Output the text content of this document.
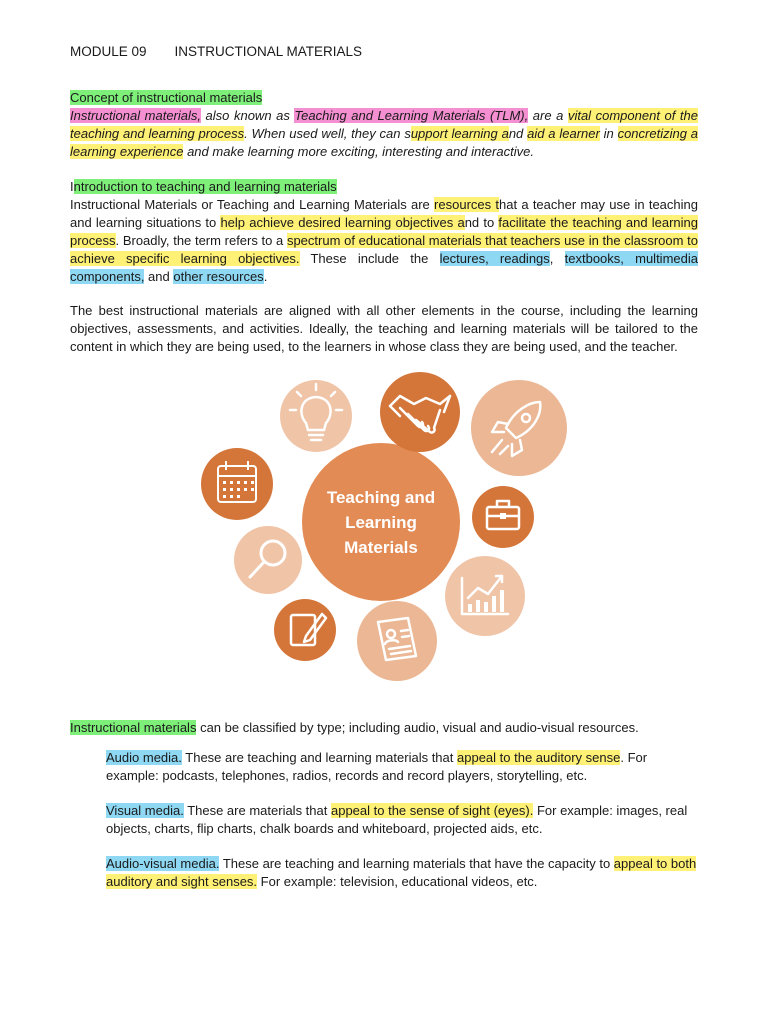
MODULE 09 INSTRUCTIONAL MATERIALS
Concept of instructional materials
Instructional materials, also known as Teaching and Learning Materials (TLM), are a vital component of the teaching and learning process. When used well, they can support learning and aid a learner in concretizing a learning experience and make learning more exciting, interesting and interactive.
Introduction to teaching and learning materials
Instructional Materials or Teaching and Learning Materials are resources that a teacher may use in teaching and learning situations to help achieve desired learning objectives and to facilitate the teaching and learning process. Broadly, the term refers to a spectrum of educational materials that teachers use in the classroom to achieve specific learning objectives. These include the lectures, readings, textbooks, multimedia components, and other resources.
The best instructional materials are aligned with all other elements in the course, including the learning objectives, assessments, and activities. Ideally, the teaching and learning materials will be tailored to the content in which they are being used, to the learners in whose class they are being used, and the teacher.
Teaching and
Learning
Materials
Instructional materials can be classified by type; including audio, visual and audio-visual resources.
Audio media. These are teaching and learning materials that appeal to the auditory sense. For example: podcasts, telephones, radios, records and record players, storytelling, etc.
Visual media. These are materials that appeal to the sense of sight (eyes). For example: images, real objects, charts, flip charts, chalk boards and whiteboard, projected aids, etc.
Audio-visual media. These are teaching and learning materials that have the capacity to appeal to both auditory and sight senses. For example: television, educational videos, etc.
